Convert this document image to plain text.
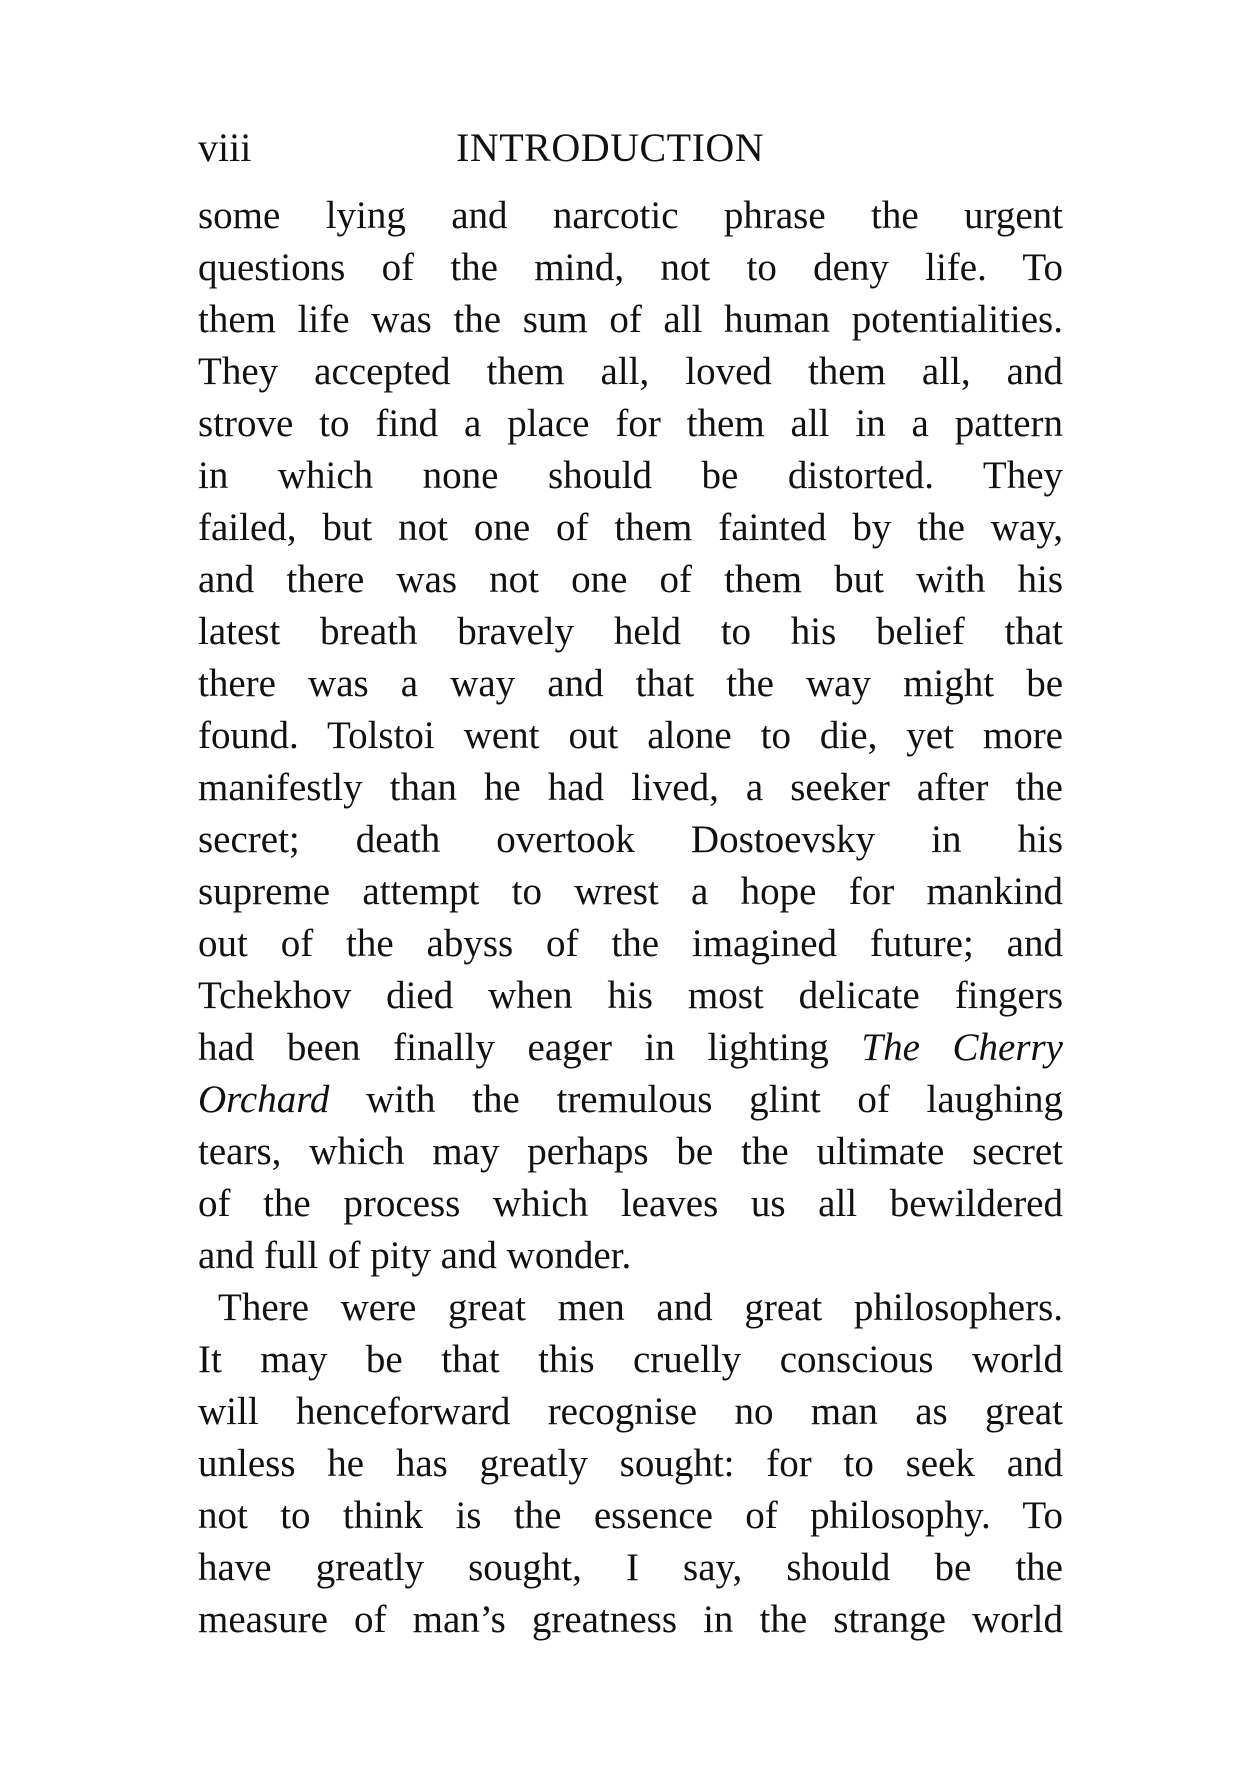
viii	INTRODUCTION
some lying and narcotic phrase the urgent
questions of the mind, not to deny life. To
them life was the sum of all human potentialities.
They accepted them all, loved them all, and
strove to find a place for them all in a pattern
in which none should be distorted. They
failed, but not one of them fainted by the way,
and there was not one of them but with his
latest breath bravely held to his belief that
there was a way and that the way might be
found. Tolstoi went out alone to die, yet more
manifestly than he had lived, a seeker after the
secret; death overtook Dostoevsky in his
supreme attempt to wrest a hope for mankind
out of the abyss of the imagined future; and
Tchekhov died when his most delicate fingers
had been finally eager in lighting The Cherry
Orchard with the tremulous glint of laughing
tears, which may perhaps be the ultimate secret
of the process which leaves us all bewildered
and full of pity and wonder.
There were great men and great philosophers.
It may be that this cruelly conscious world
will henceforward recognise no man as great
unless he has greatly sought: for to seek and
not to think is the essence of philosophy. To
have greatly sought, I say, should be the
measure of man’s greatness in the strange world
